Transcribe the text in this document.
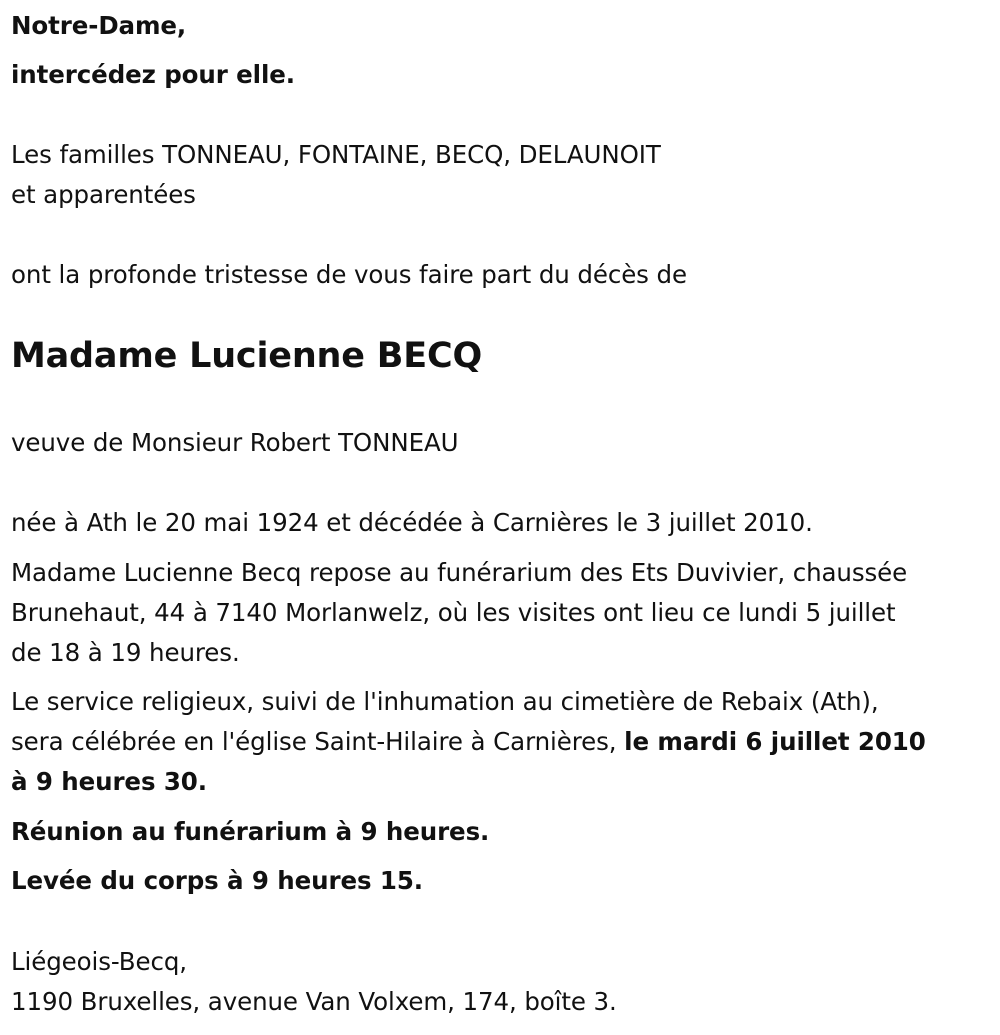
Notre-Dame,
intercédez pour elle.
Les familles TONNEAU, FONTAINE, BECQ, DELAUNOIT
et apparentées
ont la profonde tristesse de vous faire part du décès de
Madame Lucienne BECQ
veuve de Monsieur Robert TONNEAU
née à Ath le 20 mai 1924 et décédée à Carnières le 3 juillet 2010.
Madame Lucienne Becq repose au funérarium des Ets Duvivier, chaussée
Brunehaut, 44 à 7140 Morlanwelz, où les visites ont lieu ce lundi 5 juillet
de 18 à 19 heures.
Le service religieux, suivi de l'inhumation au cimetière de Rebaix (Ath),
sera célébrée en l'église Saint-Hilaire à Carnières, le mardi 6 juillet 2010
à 9 heures 30.
Réunion au funérarium à 9 heures.
Levée du corps à 9 heures 15.
Liégeois-Becq,
1190 Bruxelles, avenue Van Volxem, 174, boîte 3.
